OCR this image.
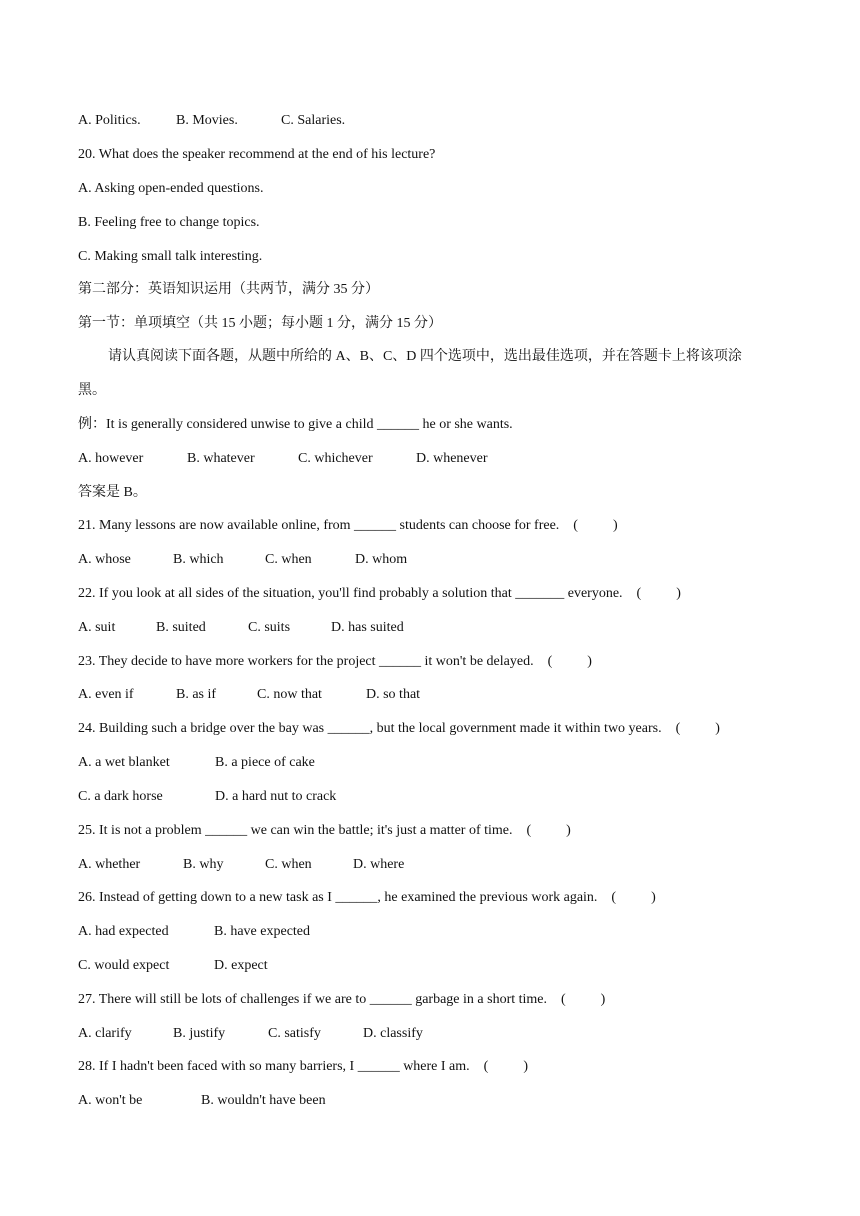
A. Politics.	B. Movies.	C. Salaries.
20. What does the speaker recommend at the end of his lecture?
A. Asking open-ended questions.
B. Feeling free to change topics.
C. Making small talk interesting.
第二部分：英语知识运用（共两节，满分 35 分）
第一节：单项填空（共 15 小题；每小题 1 分，满分 15 分）
请认真阅读下面各题，从题中所给的 A、B、C、D 四个选项中，选出最佳选项，并在答题卡上将该项涂
黑。
例：It is generally considered unwise to give a child ______ he or she wants.
A. however	B. whatever	C. whichever	D. whenever
答案是 B。
21. Many lessons are now available online, from ______ students can choose for free.    (          )
A. whose	B. which	C. when	D. whom
22. If you look at all sides of the situation, you'll find probably a solution that _______ everyone.    (          )
A. suit	B. suited	C. suits	D. has suited
23. They decide to have more workers for the project ______ it won't be delayed.    (          )
A. even if	B. as if	C. now that	D. so that
24. Building such a bridge over the bay was ______, but the local government made it within two years.    (          )
A. a wet blanket	B. a piece of cake
C. a dark horse	D. a hard nut to crack
25. It is not a problem ______ we can win the battle; it's just a matter of time.    (          )
A. whether	B. why	C. when	D. where
26. Instead of getting down to a new task as I ______, he examined the previous work again.    (          )
A. had expected	B. have expected
C. would expect	D. expect
27. There will still be lots of challenges if we are to ______ garbage in a short time.    (          )
A. clarify	B. justify	C. satisfy	D. classify
28. If I hadn't been faced with so many barriers, I ______ where I am.    (          )
A. won't be	B. wouldn't have been
